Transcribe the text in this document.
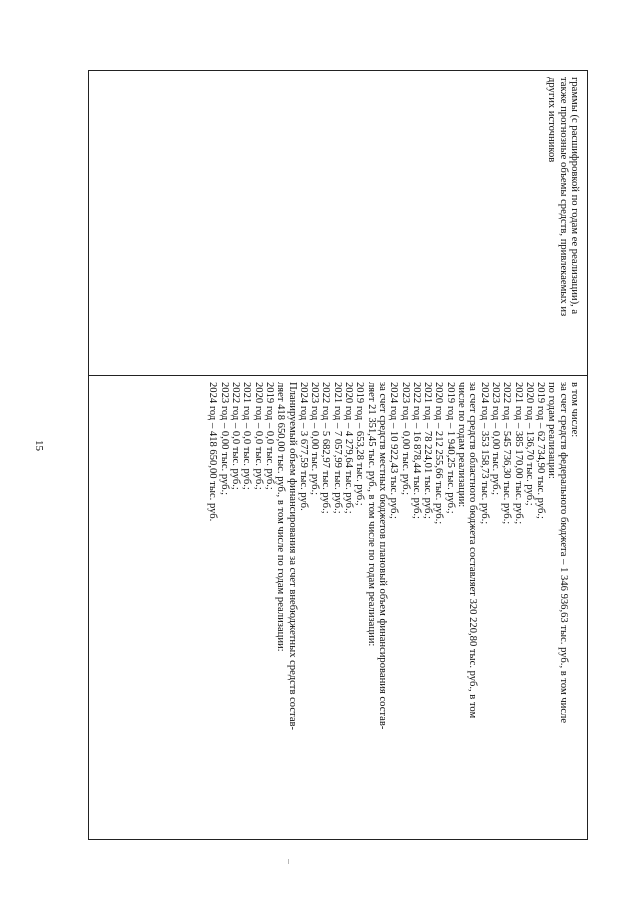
15
граммы (с расшифровкой по годам ее реализации), а
также прогнозные объемы средств, привлекаемых из
других источников
в том числе:
за счет средств федерального бюджета – 1 346 936,63 тыс. руб., в том числе
по годам реализации:
2019 год – 62 734,90 тыс. руб.;
2020 год – 136,70 тыс. руб.;
2021 год – 385 170,00 тыс. руб.;
2022 год – 545 736,30 тыс. руб.;
2023 год – 0,00 тыс. руб.;
2024 год – 353 158,73 тыс. руб.;
за счет средств областного бюджета составляет 320 220,80 тыс. руб., в том
числе по годам реализации:
2019 год – 1 940,25 тыс. руб.;
2020 год – 212 255,66 тыс. руб.;
2021 год – 78 224,01 тыс. руб.;
2022 год – 16 878,44 тыс. руб.;
2023 год – 0,00 тыс. руб.;
2024 год – 10 922,43 тыс. руб.;
за счет средств местных бюджетов плановый объем финансирования состав-
ляет 21 351,45 тыс. руб., в том числе по годам реализации:
2019 год – 653,28 тыс. руб.;
2020 год – 4 279,64 тыс. руб.;
2021 год – 7 057,99 тыс. руб.;
2022 год – 5 682,97 тыс. руб.;
2023 год – 0,00 тыс. руб.;
2024 год – 3 677,59 тыс. руб.
Планируемый объем финансирования за счет внебюджетных средств состав-
ляет 418 650,00 тыс. руб., в том числе по годам реализации:
2019 год – 0,0 тыс. руб.;
2020 год – 0,0 тыс. руб.;
2021 год – 0,0 тыс. руб.;
2022 год – 0,0 тыс. руб.;
2023 год – 0,00 тыс. руб.;
2024 год – 418 650,00 тыс. руб.
